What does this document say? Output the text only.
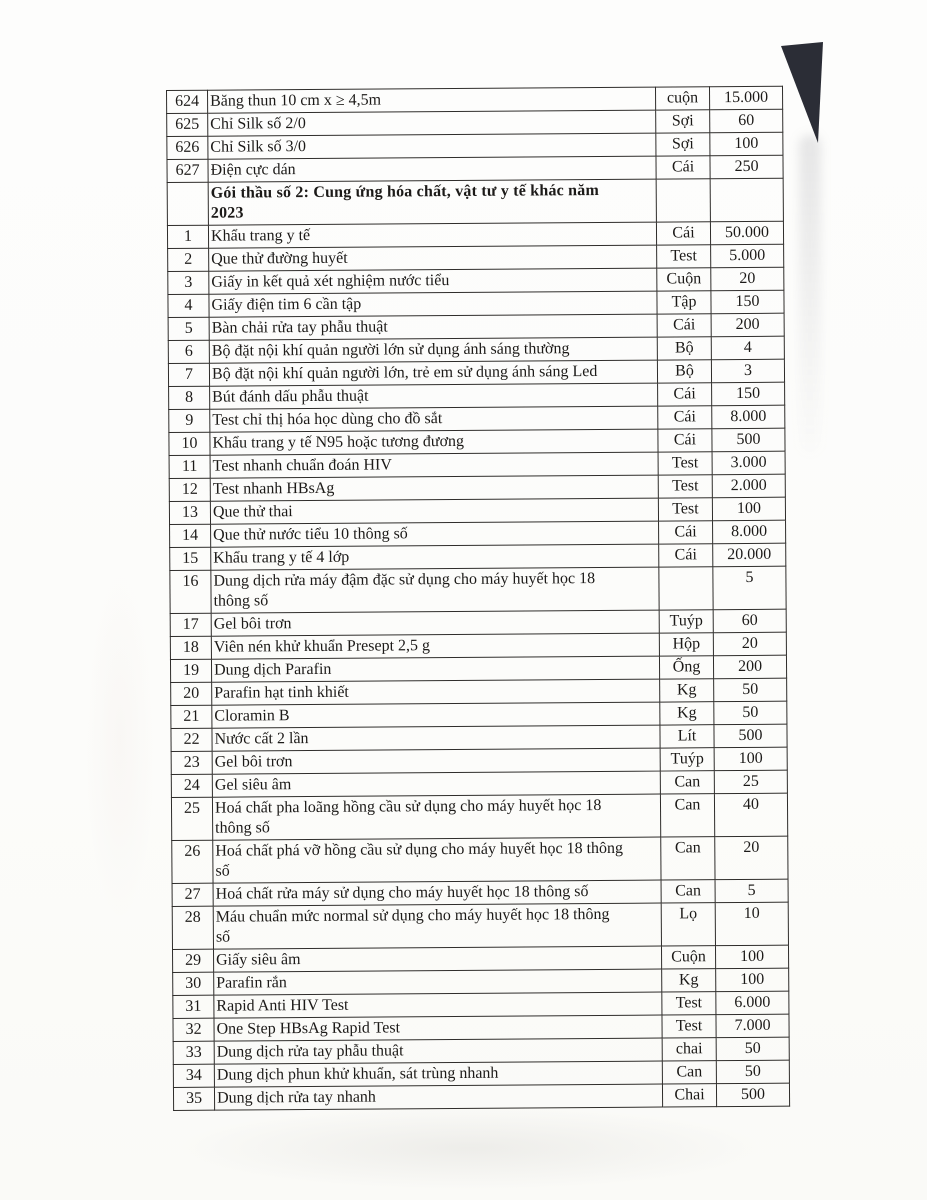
624	Băng thun 10 cm x ≥ 4,5m	cuộn	15.000
625	Chỉ Silk số 2/0	Sợi	60
626	Chỉ Silk số 3/0	Sợi	100
627	Điện cực dán	Cái	250
	Gói thầu số 2: Cung ứng hóa chất, vật tư y tế khác năm
2023		
1	Khẩu trang y tế	Cái	50.000
2	Que thử đường huyết	Test	5.000
3	Giấy in kết quả xét nghiệm nước tiểu	Cuộn	20
4	Giấy điện tim 6 cần tập	Tập	150
5	Bàn chải rửa tay phẫu thuật	Cái	200
6	Bộ đặt nội khí quản người lớn sử dụng ánh sáng thường	Bộ	4
7	Bộ đặt nội khí quản người lớn, trẻ em sử dụng ánh sáng Led	Bộ	3
8	Bút đánh dấu phẫu thuật	Cái	150
9	Test chỉ thị hóa học dùng cho đồ sắt	Cái	8.000
10	Khẩu trang y tế N95 hoặc tương đương	Cái	500
11	Test nhanh chuẩn đoán HIV	Test	3.000
12	Test nhanh HBsAg	Test	2.000
13	Que thử thai	Test	100
14	Que thử nước tiểu 10 thông số	Cái	8.000
15	Khẩu trang y tế 4 lớp	Cái	20.000
16	Dung dịch rửa máy đậm đặc sử dụng cho máy huyết học 18
thông số		5
17	Gel bôi trơn	Tuýp	60
18	Viên nén khử khuẩn Presept 2,5 g	Hộp	20
19	Dung dịch Parafin	Ống	200
20	Parafin hạt tinh khiết	Kg	50
21	Cloramin B	Kg	50
22	Nước cất 2 lần	Lít	500
23	Gel bôi trơn	Tuýp	100
24	Gel siêu âm	Can	25
25	Hoá chất pha loãng hồng cầu sử dụng cho máy huyết học 18
thông số	Can	40
26	Hoá chất phá vỡ hồng cầu sử dụng cho máy huyết học 18 thông
số	Can	20
27	Hoá chất rửa máy sử dụng cho máy huyết học 18 thông số	Can	5
28	Máu chuẩn mức normal sử dụng cho máy huyết học 18 thông
số	Lọ	10
29	Giấy siêu âm	Cuộn	100
30	Parafin rắn	Kg	100
31	Rapid Anti HIV Test	Test	6.000
32	One Step HBsAg Rapid Test	Test	7.000
33	Dung dịch rửa tay phẫu thuật	chai	50
34	Dung dịch phun khử khuẩn, sát trùng nhanh	Can	50
35	Dung dịch rửa tay nhanh	Chai	500
